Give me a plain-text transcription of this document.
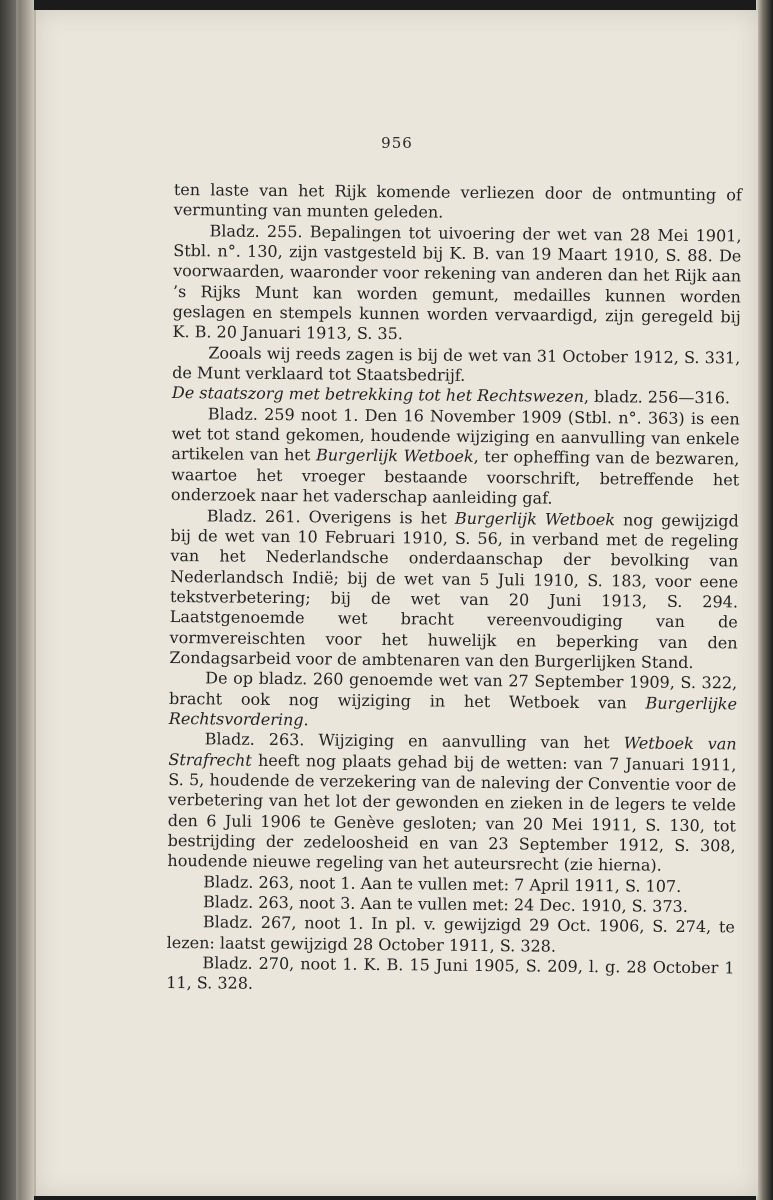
956

ten laste van het Rijk komende verliezen door de ontmunting of vermunting van munten geleden.

Bladz. 255. Bepalingen tot uivoering der wet van 28 Mei 1901, Stbl. n°. 130, zijn vastgesteld bij K. B. van 19 Maart 1910, S. 88. De voorwaarden, waaronder voor rekening van anderen dan het Rijk aan ’s Rijks Munt kan worden gemunt, medailles kunnen worden geslagen en stempels kunnen worden vervaardigd, zijn geregeld bij K. B. 20 Januari 1913, S. 35.

Zooals wij reeds zagen is bij de wet van 31 October 1912, S. 331, de Munt verklaard tot Staatsbedrijf.

De staatszorg met betrekking tot het Rechtswezen, bladz. 256—316.

Bladz. 259 noot 1. Den 16 November 1909 (Stbl. n°. 363) is een wet tot stand gekomen, houdende wijziging en aanvulling van enkele artikelen van het Burgerlijk Wetboek, ter opheffing van de bezwaren, waartoe het vroeger bestaande voorschrift, betreffende het onderzoek naar het vaderschap aanleiding gaf.

Bladz. 261. Overigens is het Burgerlijk Wetboek nog gewijzigd bij de wet van 10 Februari 1910, S. 56, in verband met de regeling van het Nederlandsche onderdaanschap der bevolking van Nederlandsch Indië; bij de wet van 5 Juli 1910, S. 183, voor eene tekstverbetering; bij de wet van 20 Juni 1913, S. 294. Laatstgenoemde wet bracht vereenvoudiging van de vormvereischten voor het huwelijk en beperking van den Zondagsarbeid voor de ambtenaren van den Burgerlijken Stand.

De op bladz. 260 genoemde wet van 27 September 1909, S. 322, bracht ook nog wijziging in het Wetboek van Burgerlijke Rechtsvordering.

Bladz. 263. Wijziging en aanvulling van het Wetboek van Strafrecht heeft nog plaats gehad bij de wetten: van 7 Januari 1911, S. 5, houdende de verzekering van de naleving der Conventie voor de verbetering van het lot der gewonden en zieken in de legers te velde den 6 Juli 1906 te Genève gesloten; van 20 Mei 1911, S. 130, tot bestrijding der zedeloosheid en van 23 September 1912, S. 308, houdende nieuwe regeling van het auteursrecht (zie hierna).

Bladz. 263, noot 1. Aan te vullen met: 7 April 1911, S. 107.

Bladz. 263, noot 3. Aan te vullen met: 24 Dec. 1910, S. 373.

Bladz. 267, noot 1. In pl. v. gewijzigd 29 Oct. 1906, S. 274, te lezen: laatst gewijzigd 28 October 1911, S. 328.

Bladz. 270, noot 1. K. B. 15 Juni 1905, S. 209, l. g. 28 October 1 11, S. 328.
